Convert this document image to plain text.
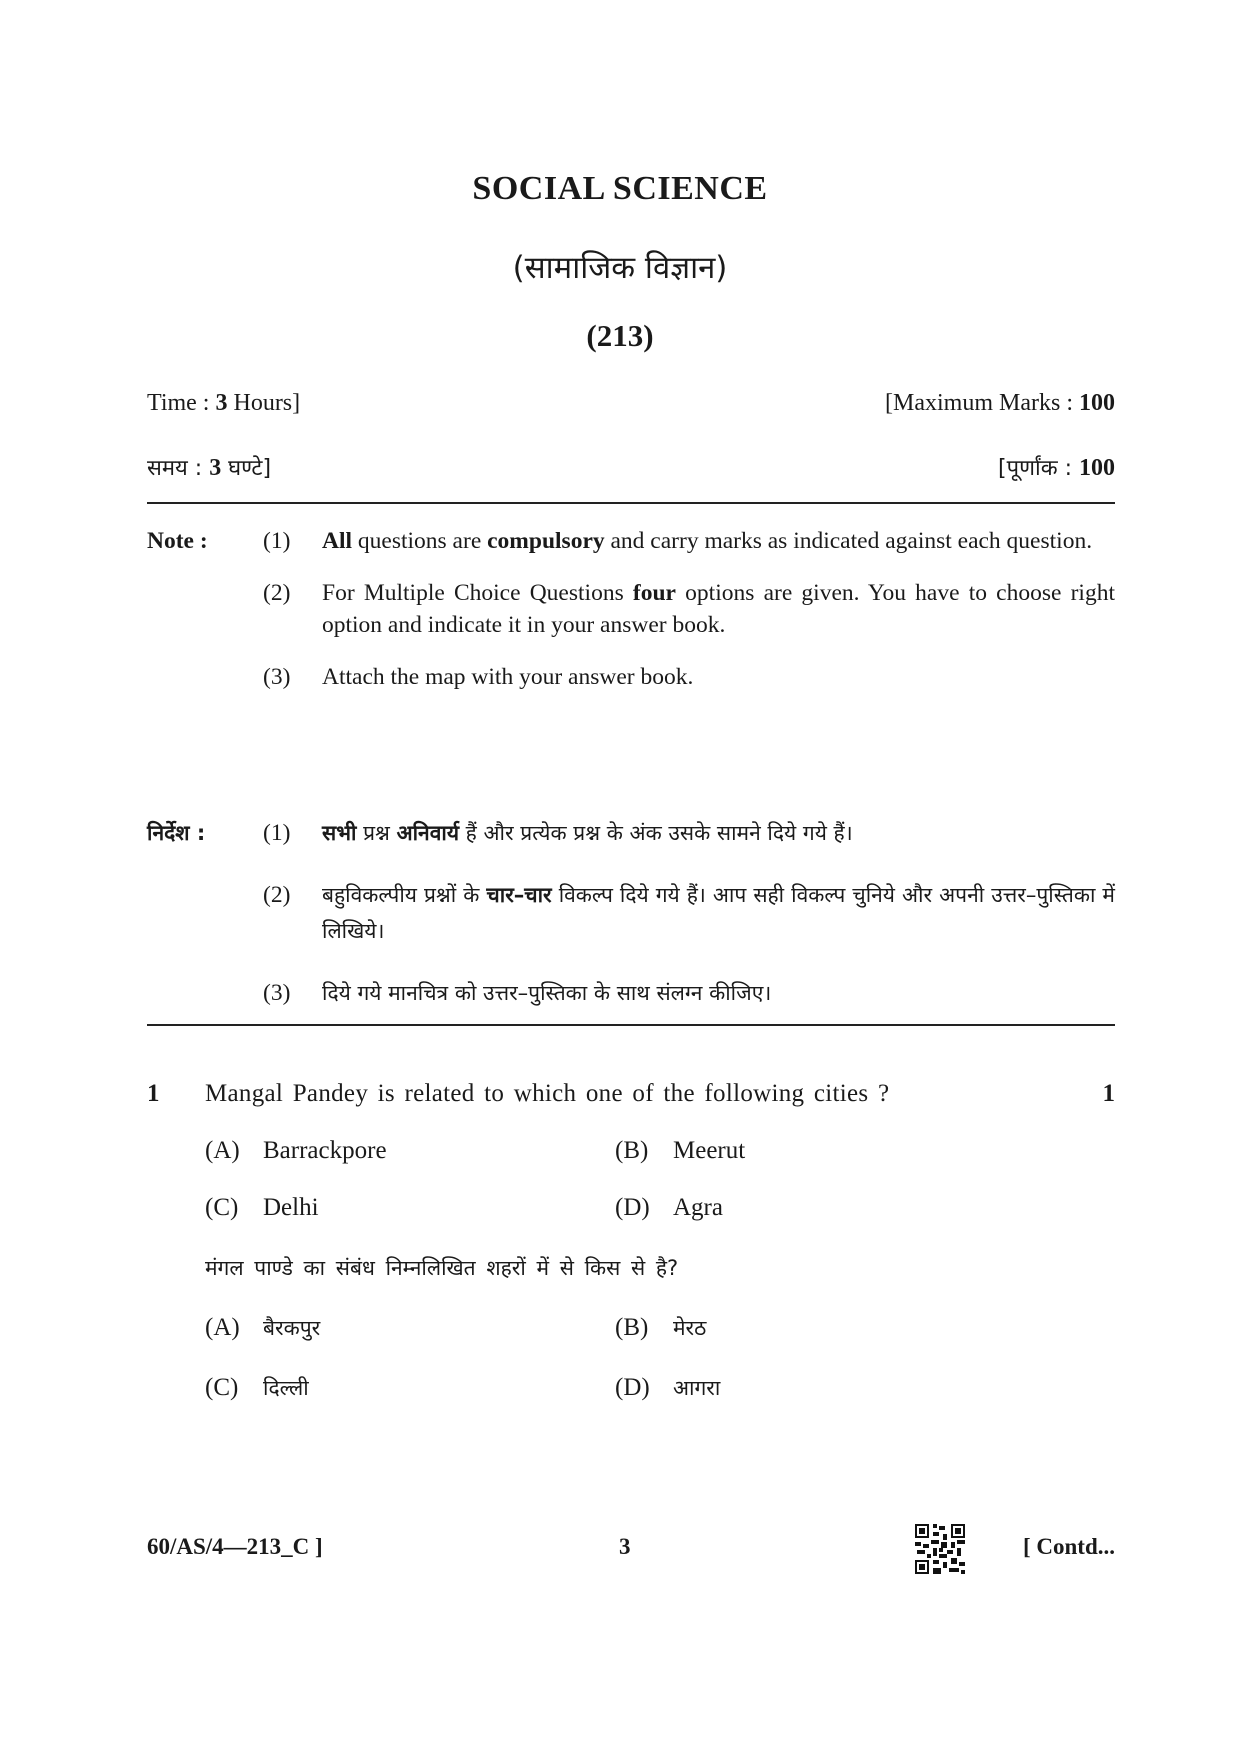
SOCIAL SCIENCE
(सामाजिक विज्ञान)
(213)
Time : 3 Hours]	[Maximum Marks : 100
समय : 3 घण्टे]	[पूर्णांक : 100
Note : (1) All questions are compulsory and carry marks as indicated against each question.
(2) For Multiple Choice Questions four options are given. You have to choose right option and indicate it in your answer book.
(3) Attach the map with your answer book.
निर्देश : (1) सभी प्रश्न अनिवार्य हैं और प्रत्येक प्रश्न के अंक उसके सामने दिये गये हैं।
(2) बहुविकल्पीय प्रश्नों के चार–चार विकल्प दिये गये हैं। आप सही विकल्प चुनिये और अपनी उत्तर–पुस्तिका में लिखिये।
(3) दिये गये मानचित्र को उत्तर–पुस्तिका के साथ संलग्न कीजिए।
1 Mangal Pandey is related to which one of the following cities ?	1
(A) Barrackpore	(B) Meerut
(C) Delhi	(D) Agra
मंगल पाण्डे का संबंध निम्नलिखित शहरों में से किस से है?
(A) बैरकपुर	(B) मेरठ
(C) दिल्ली	(D) आगरा
60/AS/4—213_C ]	3	[ Contd...
